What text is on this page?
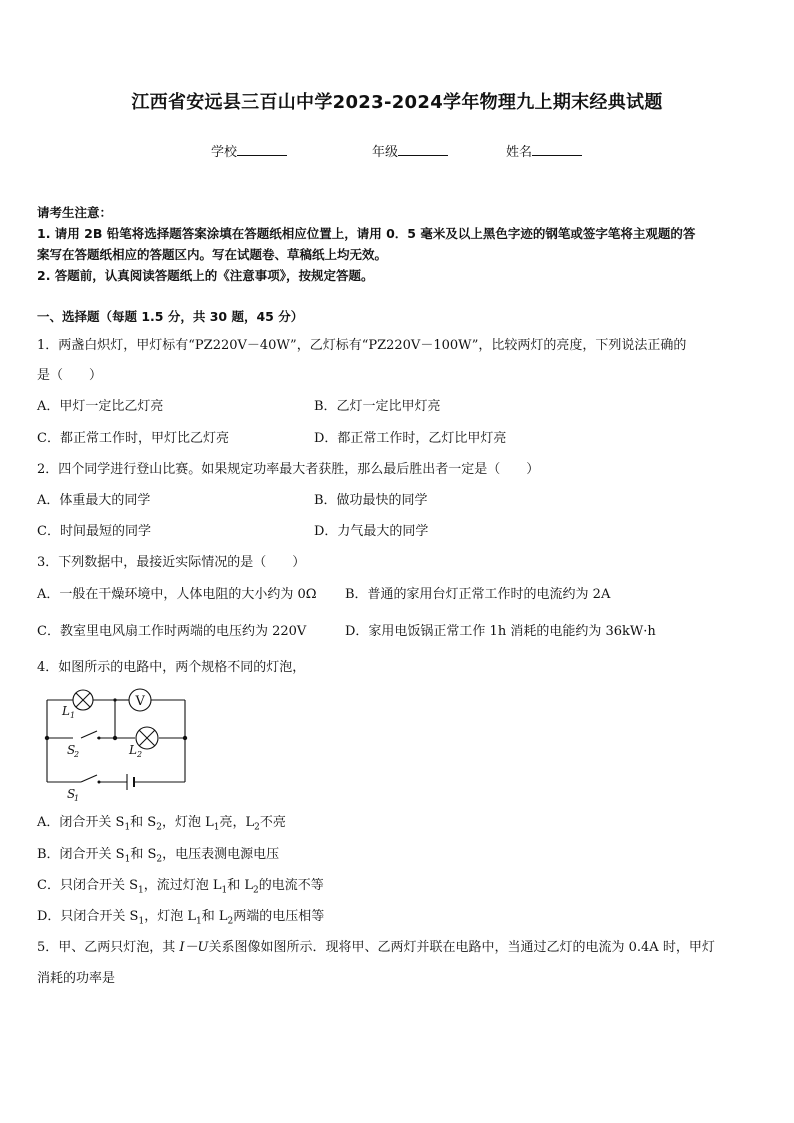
江西省安远县三百山中学2023-2024学年物理九上期末经典试题
学校	年级	姓名
请考生注意：
1. 请用 2B 铅笔将选择题答案涂填在答题纸相应位置上，请用 0．5 毫米及以上黑色字迹的钢笔或签字笔将主观题的答
案写在答题纸相应的答题区内。写在试题卷、草稿纸上均无效。
2. 答题前，认真阅读答题纸上的《注意事项》，按规定答题。
一、选择题（每题 1.5 分，共 30 题，45 分）
1．两盏白炽灯，甲灯标有“PZ220V－40W”，乙灯标有“PZ220V－100W”，比较两灯的亮度，下列说法正确的
是（　　）
A．甲灯一定比乙灯亮	B．乙灯一定比甲灯亮
C．都正常工作时，甲灯比乙灯亮	D．都正常工作时，乙灯比甲灯亮
2．四个同学进行登山比赛。如果规定功率最大者获胜，那么最后胜出者一定是（　　）
A．体重最大的同学	B．做功最快的同学
C．时间最短的同学	D．力气最大的同学
3．下列数据中，最接近实际情况的是（　　）
A．一般在干燥环境中，人体电阻的大小约为 0Ω B．普通的家用台灯正常工作时的电流约为 2A
C．教室里电风扇工作时两端的电压约为 220V	D．家用电饭锅正常工作 1h 消耗的电能约为 36kW·h
4．如图所示的电路中，两个规格不同的灯泡，
V
L 1
S
2	L 2
S
1
A．闭合开关 $S_1$和 $S_2$，灯泡 $L_1$亮，$L_2$不亮
B．闭合开关 $S_1$和 $S_2$，电压表测电源电压
C．只闭合开关 $S_1$，流过灯泡 $L_1$和 $L_2$的电流不等
D．只闭合开关 $S_1$，灯泡 $L_1$和 $L_2$两端的电压相等
5．甲、乙两只灯泡，其 I－U关系图像如图所示．现将甲、乙两灯并联在电路中，当通过乙灯的电流为 0.4A 时，甲灯
消耗的功率是
